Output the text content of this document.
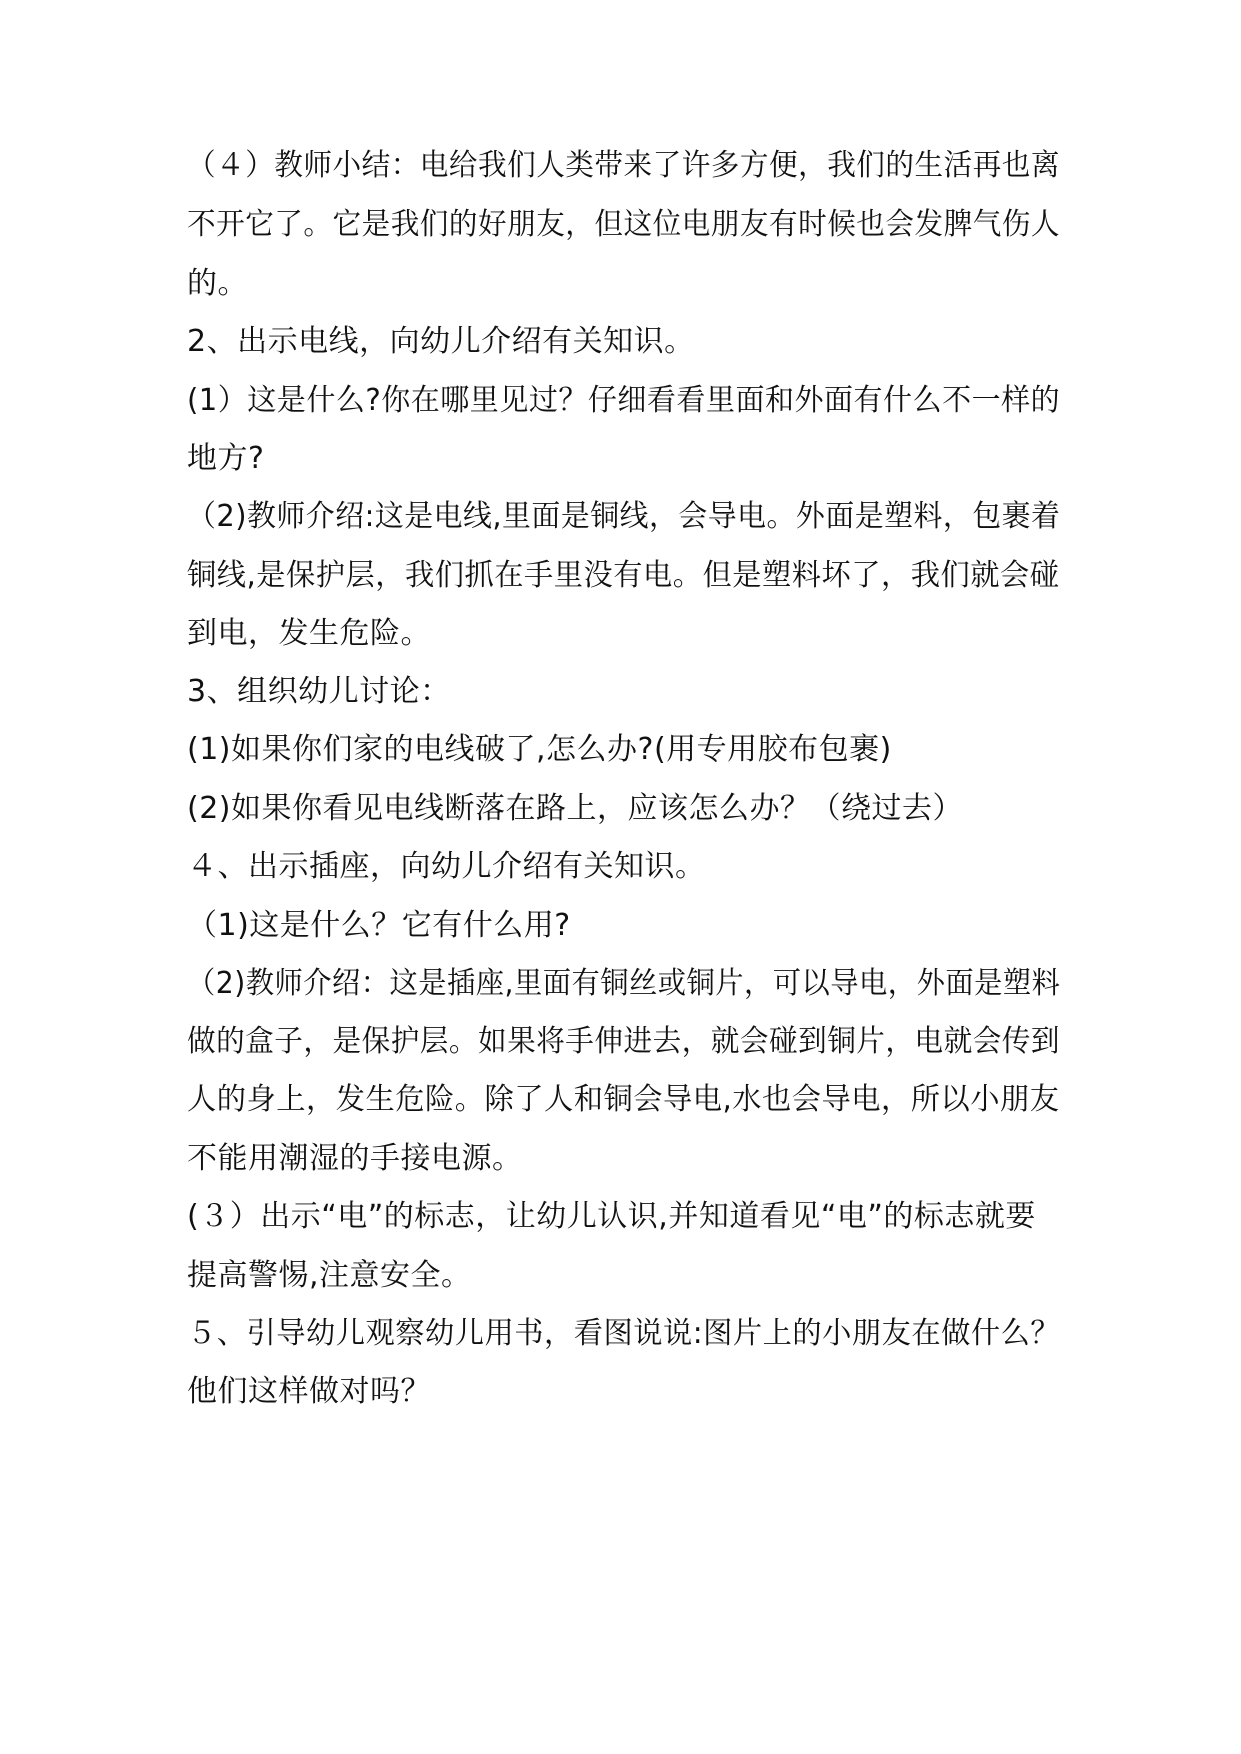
（４）教师小结：电给我们人类带来了许多方便，我们的生活再也离
不开它了。它是我们的好朋友，但这位电朋友有时候也会发脾气伤人
的。
2、出示电线，向幼儿介绍有关知识。
(1）这是什么?你在哪里见过？仔细看看里面和外面有什么不一样的
地方?
（2)教师介绍:这是电线,里面是铜线，会导电。外面是塑料，包裹着
铜线,是保护层，我们抓在手里没有电。但是塑料坏了，我们就会碰
到电，发生危险。
3、组织幼儿讨论：
(1)如果你们家的电线破了,怎么办?(用专用胶布包裹)
(2)如果你看见电线断落在路上，应该怎么办？（绕过去）
４、出示插座，向幼儿介绍有关知识。
（1)这是什么？它有什么用?
（2)教师介绍：这是插座,里面有铜丝或铜片，可以导电，外面是塑料
做的盒子，是保护层。如果将手伸进去，就会碰到铜片，电就会传到
人的身上，发生危险。除了人和铜会导电,水也会导电，所以小朋友
不能用潮湿的手接电源。
(３）出示“电”的标志，让幼儿认识,并知道看见“电”的标志就要
提高警惕,注意安全。
５、引导幼儿观察幼儿用书，看图说说:图片上的小朋友在做什么？
他们这样做对吗？
